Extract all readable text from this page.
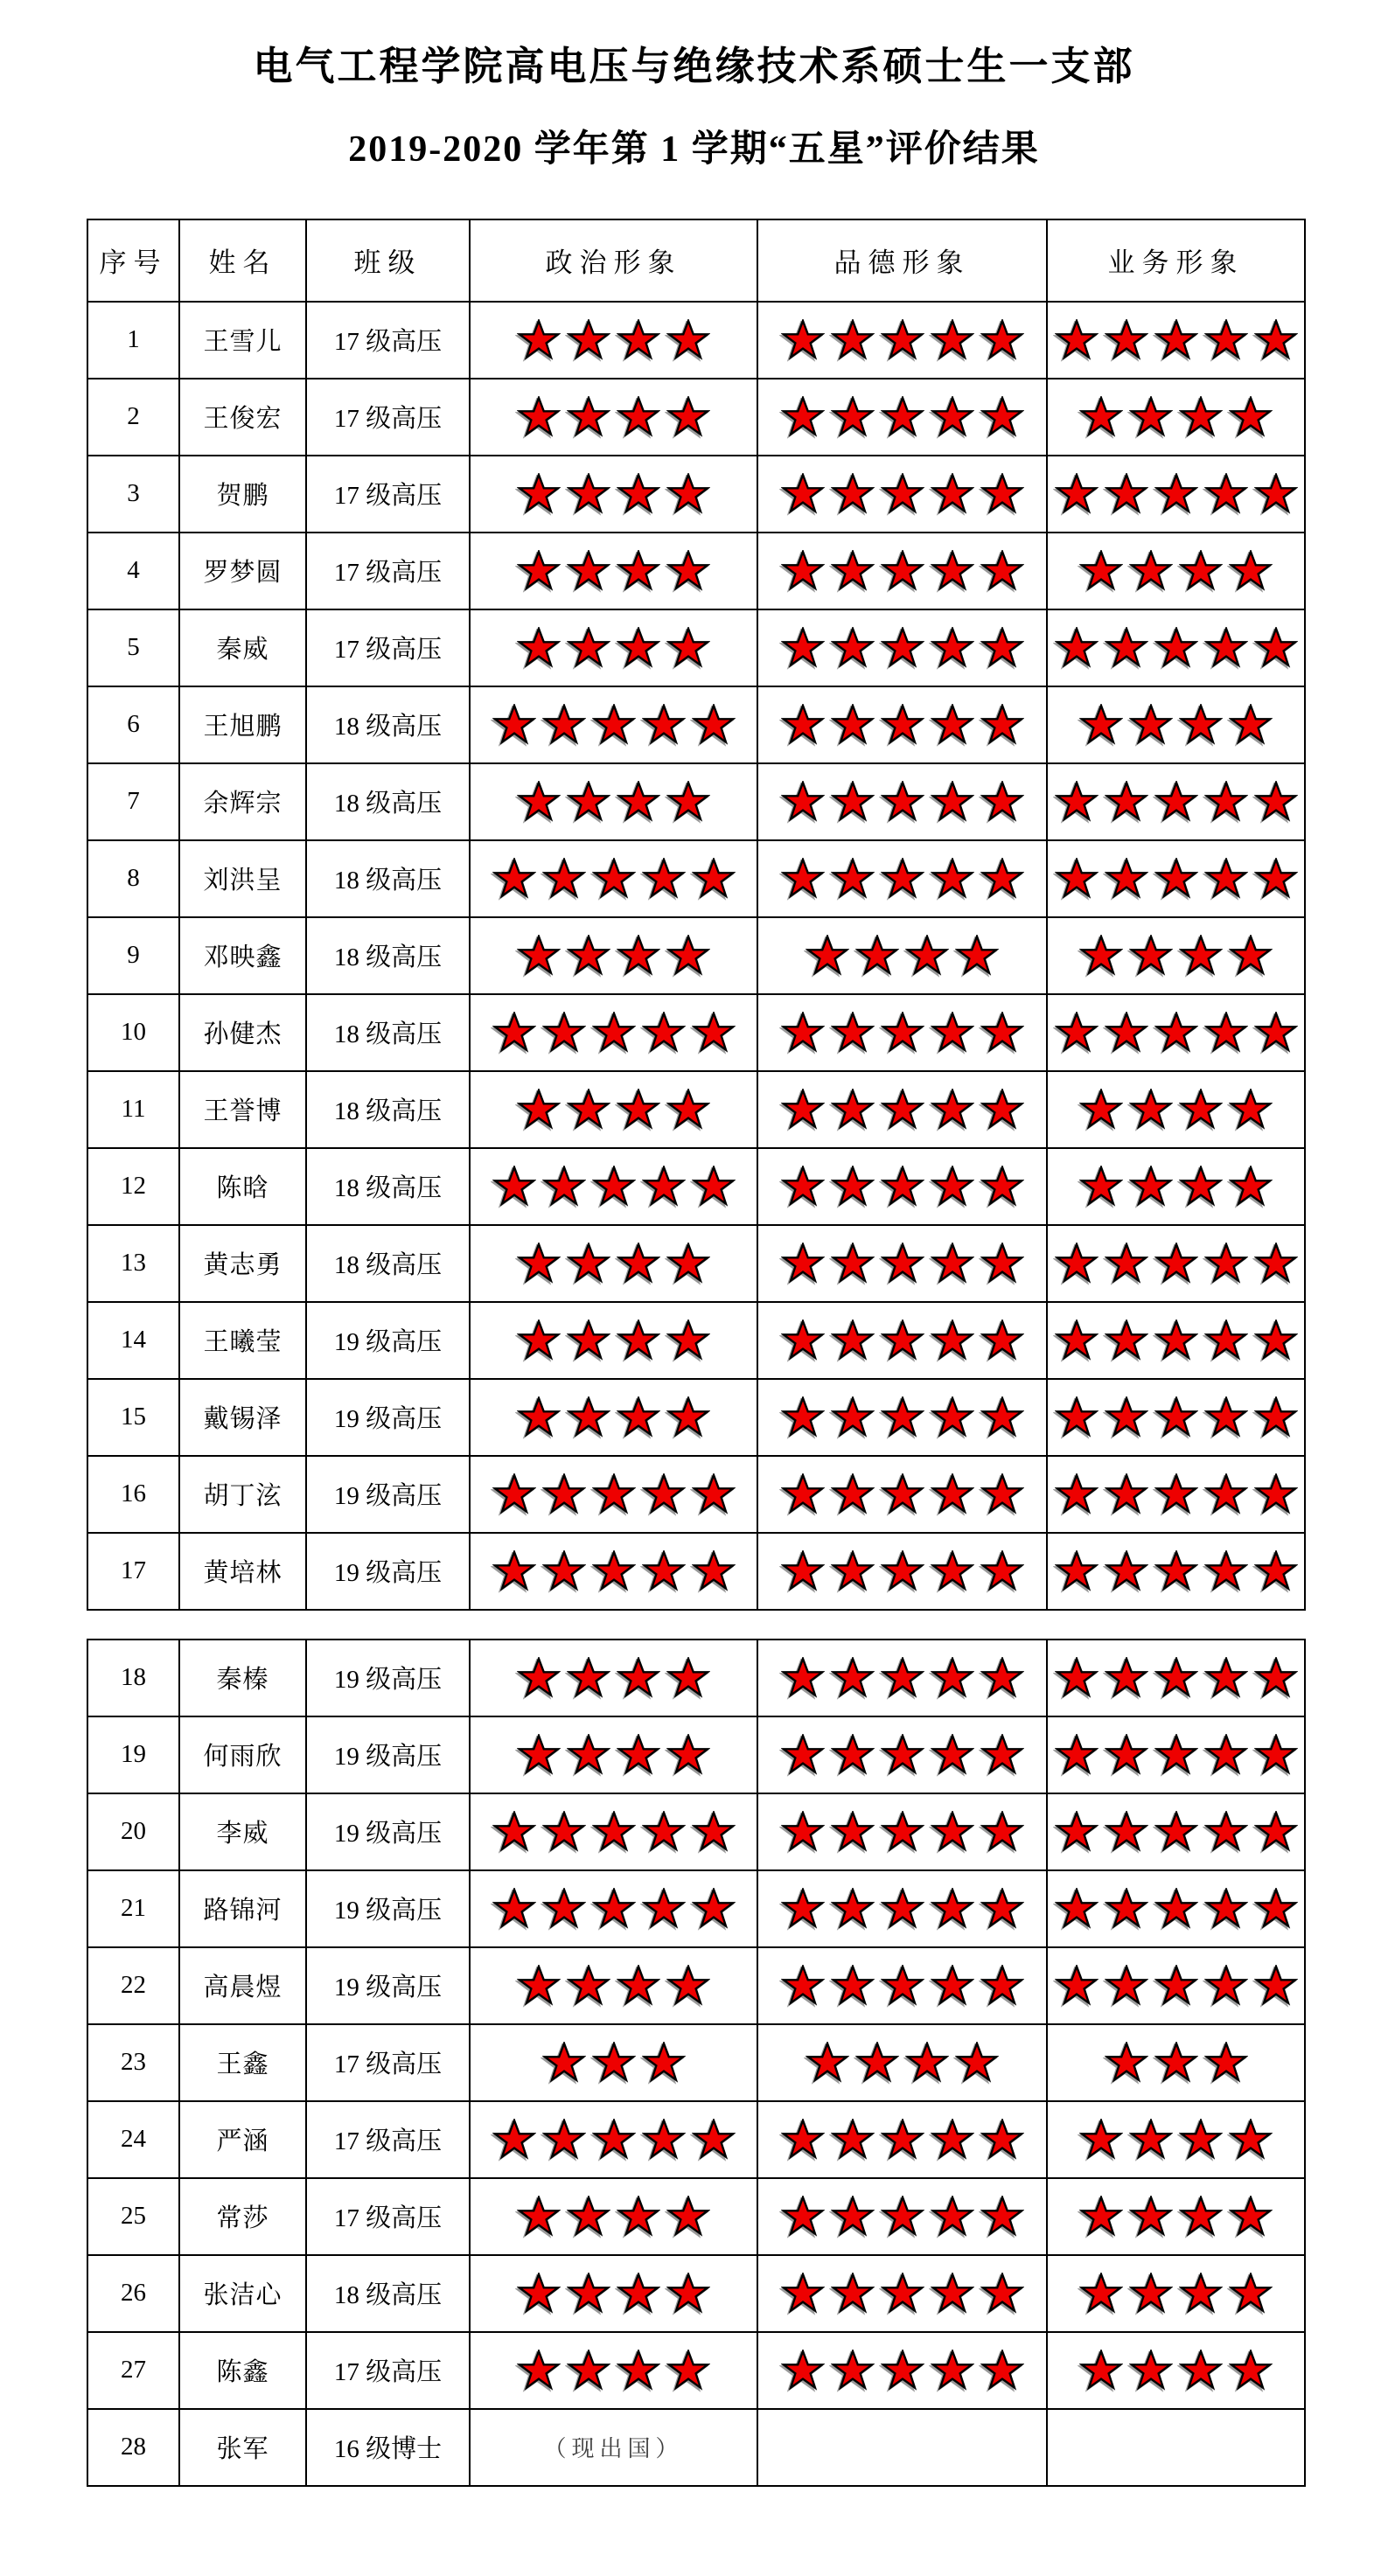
电气工程学院高电压与绝缘技术系硕士生一支部
2019-2020 学年第 1 学期“五星”评价结果
序号	姓名	班级	政治形象	品德形象	业务形象
1	王雪儿	17 级高压	

2	王俊宏	17 级高压	

3	贺鹏	17 级高压	

4	罗梦圆	17 级高压	

5	秦威	17 级高压	

6	王旭鹏	18 级高压	

7	余辉宗	18 级高压	

8	刘洪呈	18 级高压	

9	邓映鑫	18 级高压	

10	孙健杰	18 级高压	

11	王誉博	18 级高压	

12	陈晗	18 级高压	

13	黄志勇	18 级高压	

14	王曦莹	19 级高压	

15	戴锡泽	19 级高压	

16	胡丁泫	19 级高压	

17	黄培林	19 级高压	

18	秦榛	19 级高压	

19	何雨欣	19 级高压	

20	李威	19 级高压	

21	路锦河	19 级高压	

22	高晨煜	19 级高压	

23	王鑫	17 级高压	

24	严涵	17 级高压	

25	常莎	17 级高压	

26	张洁心	18 级高压	

27	陈鑫	17 级高压	

28	张军	16 级博士	（现出国）		
